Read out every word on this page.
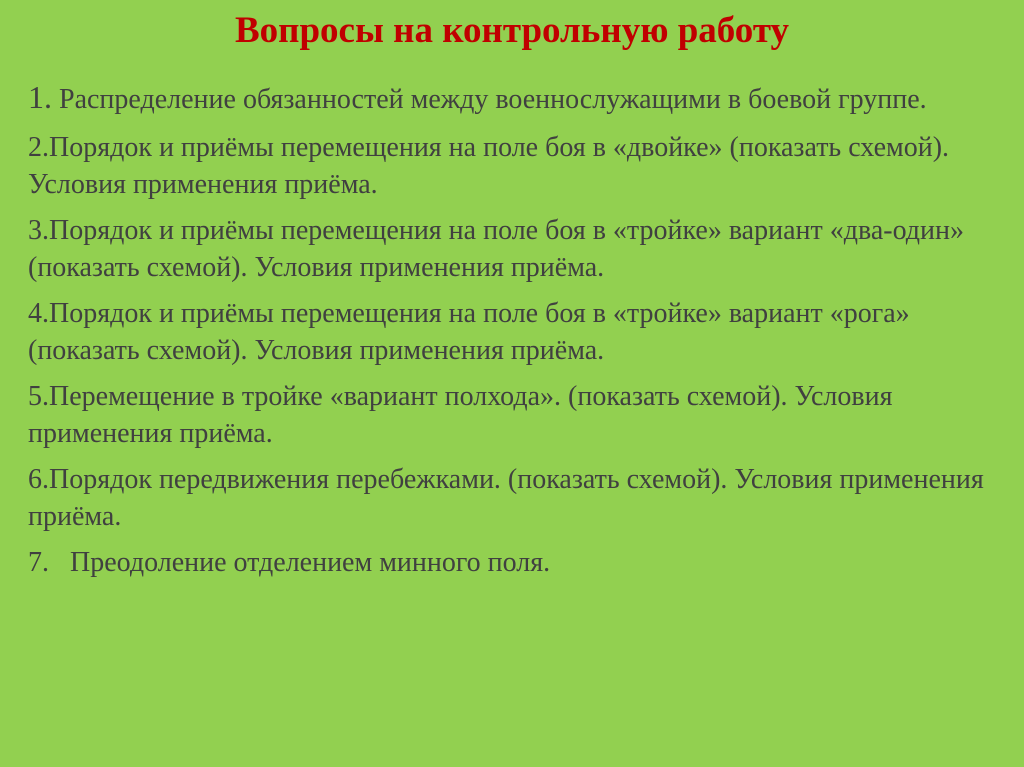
Вопросы на контрольную работу
1. Распределение обязанностей между военнослужащими в боевой группе.
2.Порядок и приёмы перемещения на поле боя в «двойке» (показать схемой). Условия применения приёма.
3.Порядок и приёмы перемещения на поле боя в «тройке» вариант «два-один» (показать схемой). Условия применения приёма.
4.Порядок и приёмы перемещения на поле боя в «тройке» вариант «рога» (показать схемой). Условия применения приёма.
5.Перемещение в тройке «вариант полхода». (показать схемой). Условия применения приёма.
6.Порядок передвижения перебежками. (показать схемой). Условия применения приёма.
7.   Преодоление отделением минного поля.
